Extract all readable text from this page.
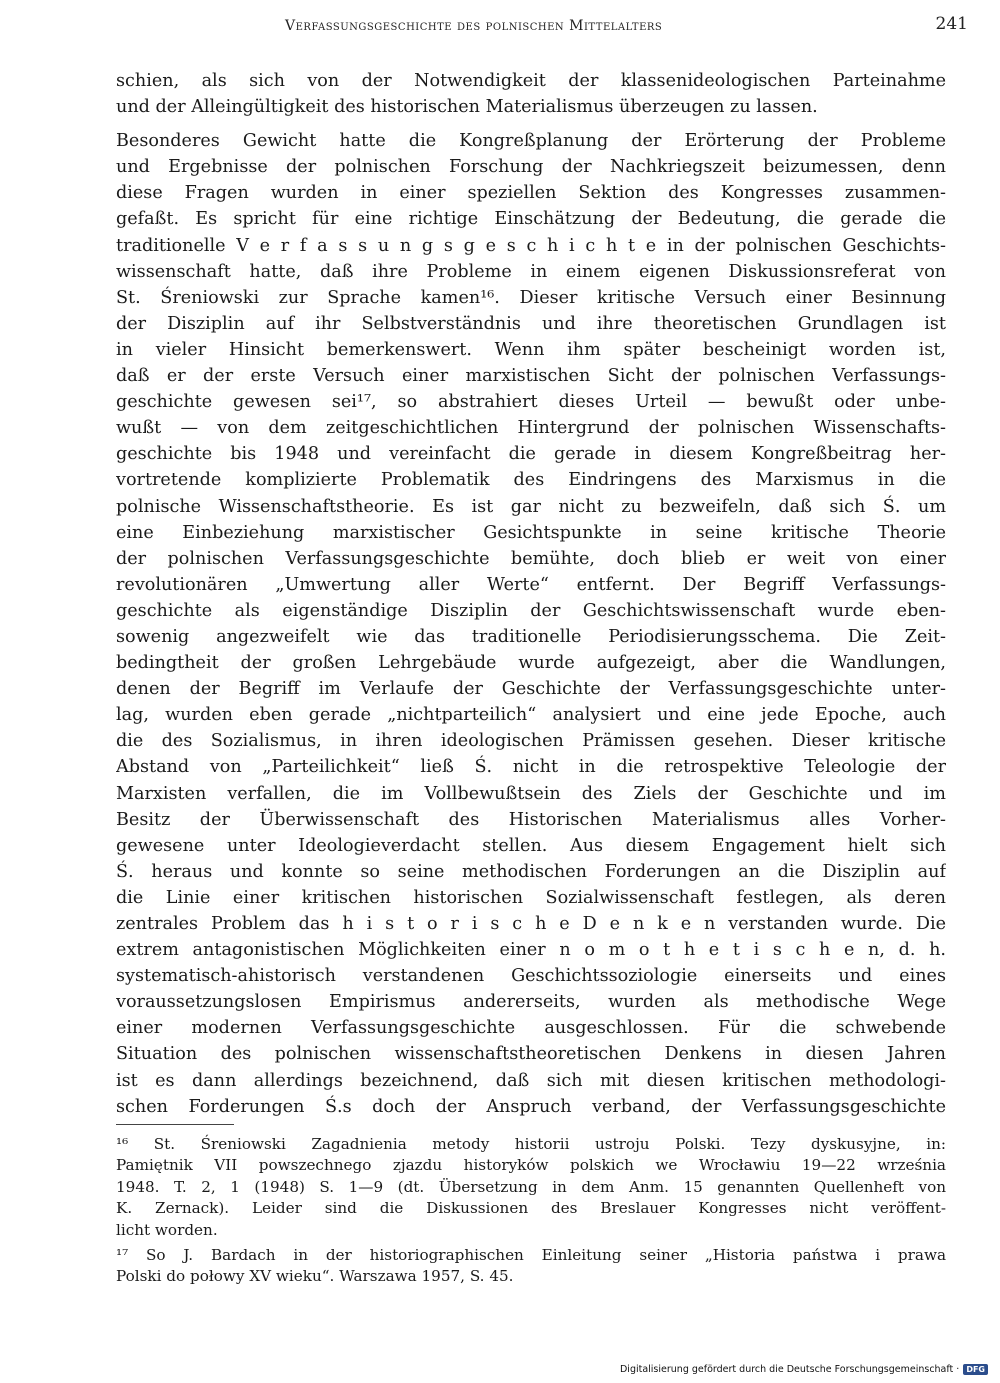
Verfassungsgeschichte des polnischen Mittelalters	241
schien, als sich von der Notwendigkeit der klassenideologischen Parteinahme
und der Alleingültigkeit des historischen Materialismus überzeugen zu lassen.
Besonderes Gewicht hatte die Kongreßplanung der Erörterung der Probleme
und Ergebnisse der polnischen Forschung der Nachkriegszeit beizumessen, denn
diese Fragen wurden in einer speziellen Sektion des Kongresses zusammen-
gefaßt. Es spricht für eine richtige Einschätzung der Bedeutung, die gerade die
traditionelle V e r f a s s u n g s g e s c h i c h t e in der polnischen Geschichts-
wissenschaft hatte, daß ihre Probleme in einem eigenen Diskussionsreferat von
St. Śreniowski zur Sprache kamen¹⁶. Dieser kritische Versuch einer Besinnung
der Disziplin auf ihr Selbstverständnis und ihre theoretischen Grundlagen ist
in vieler Hinsicht bemerkenswert. Wenn ihm später bescheinigt worden ist,
daß er der erste Versuch einer marxistischen Sicht der polnischen Verfassungs-
geschichte gewesen sei¹⁷, so abstrahiert dieses Urteil — bewußt oder unbe-
wußt — von dem zeitgeschichtlichen Hintergrund der polnischen Wissenschafts-
geschichte bis 1948 und vereinfacht die gerade in diesem Kongreßbeitrag her-
vortretende komplizierte Problematik des Eindringens des Marxismus in die
polnische Wissenschaftstheorie. Es ist gar nicht zu bezweifeln, daß sich Ś. um
eine Einbeziehung marxistischer Gesichtspunkte in seine kritische Theorie
der polnischen Verfassungsgeschichte bemühte, doch blieb er weit von einer
revolutionären „Umwertung aller Werte“ entfernt. Der Begriff Verfassungs-
geschichte als eigenständige Disziplin der Geschichtswissenschaft wurde eben-
sowenig angezweifelt wie das traditionelle Periodisierungsschema. Die Zeit-
bedingtheit der großen Lehrgebäude wurde aufgezeigt, aber die Wandlungen,
denen der Begriff im Verlaufe der Geschichte der Verfassungsgeschichte unter-
lag, wurden eben gerade „nichtparteilich“ analysiert und eine jede Epoche, auch
die des Sozialismus, in ihren ideologischen Prämissen gesehen. Dieser kritische
Abstand von „Parteilichkeit“ ließ Ś. nicht in die retrospektive Teleologie der
Marxisten verfallen, die im Vollbewußtsein des Ziels der Geschichte und im
Besitz der Überwissenschaft des Historischen Materialismus alles Vorher-
gewesene unter Ideologieverdacht stellen. Aus diesem Engagement hielt sich
Ś. heraus und konnte so seine methodischen Forderungen an die Disziplin auf
die Linie einer kritischen historischen Sozialwissenschaft festlegen, als deren
zentrales Problem das h i s t o r i s c h e D e n k e n verstanden wurde. Die
extrem antagonistischen Möglichkeiten einer n o m o t h e t i s c h e n, d. h.
systematisch-ahistorisch verstandenen Geschichtssoziologie einerseits und eines
voraussetzungslosen Empirismus andererseits, wurden als methodische Wege
einer modernen Verfassungsgeschichte ausgeschlossen. Für die schwebende
Situation des polnischen wissenschaftstheoretischen Denkens in diesen Jahren
ist es dann allerdings bezeichnend, daß sich mit diesen kritischen methodologi-
schen Forderungen Ś.s doch der Anspruch verband, der Verfassungsgeschichte
¹⁶ St. Śreniowski Zagadnienia metody historii ustroju Polski. Tezy dyskusyjne, in:
Pamiętnik VII powszechnego zjazdu historyków polskich we Wrocławiu 19—22 września
1948. T. 2, 1 (1948) S. 1—9 (dt. Übersetzung in dem Anm. 15 genannten Quellenheft von
K. Zernack). Leider sind die Diskussionen des Breslauer Kongresses nicht veröffent-
licht worden.
¹⁷ So J. Bardach in der historiographischen Einleitung seiner „Historia państwa i prawa
Polski do połowy XV wieku“. Warszawa 1957, S. 45.
Digitalisierung gefördert durch die Deutsche Forschungsgemeinschaft · DFG
